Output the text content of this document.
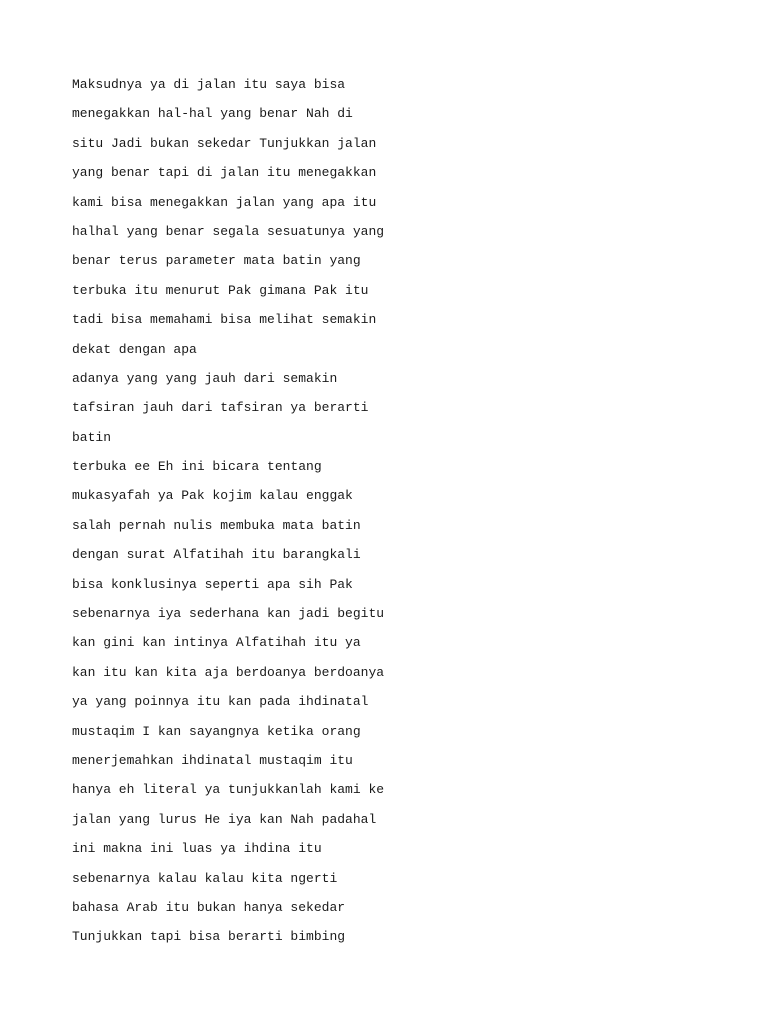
Maksudnya ya di jalan itu saya bisa

menegakkan hal-hal yang benar Nah di

situ Jadi bukan sekedar Tunjukkan jalan

yang benar tapi di jalan itu menegakkan

kami bisa menegakkan jalan yang apa itu

halhal yang benar segala sesuatunya yang

benar terus parameter mata batin yang

terbuka itu menurut Pak gimana Pak itu

tadi bisa memahami bisa melihat semakin

dekat dengan apa

adanya yang yang jauh dari semakin

tafsiran jauh dari tafsiran ya berarti

batin

terbuka ee Eh ini bicara tentang

mukasyafah ya Pak kojim kalau enggak

salah pernah nulis membuka mata batin

dengan surat Alfatihah itu barangkali

bisa konklusinya seperti apa sih Pak

sebenarnya iya sederhana kan jadi begitu

kan gini kan intinya Alfatihah itu ya

kan itu kan kita aja berdoanya berdoanya

ya yang poinnya itu kan pada ihdinatal

mustaqim I kan sayangnya ketika orang

menerjemahkan ihdinatal mustaqim itu

hanya eh literal ya tunjukkanlah kami ke

jalan yang lurus He iya kan Nah padahal

ini makna ini luas ya ihdina itu

sebenarnya kalau kalau kita ngerti

bahasa Arab itu bukan hanya sekedar

Tunjukkan tapi bisa berarti bimbing
